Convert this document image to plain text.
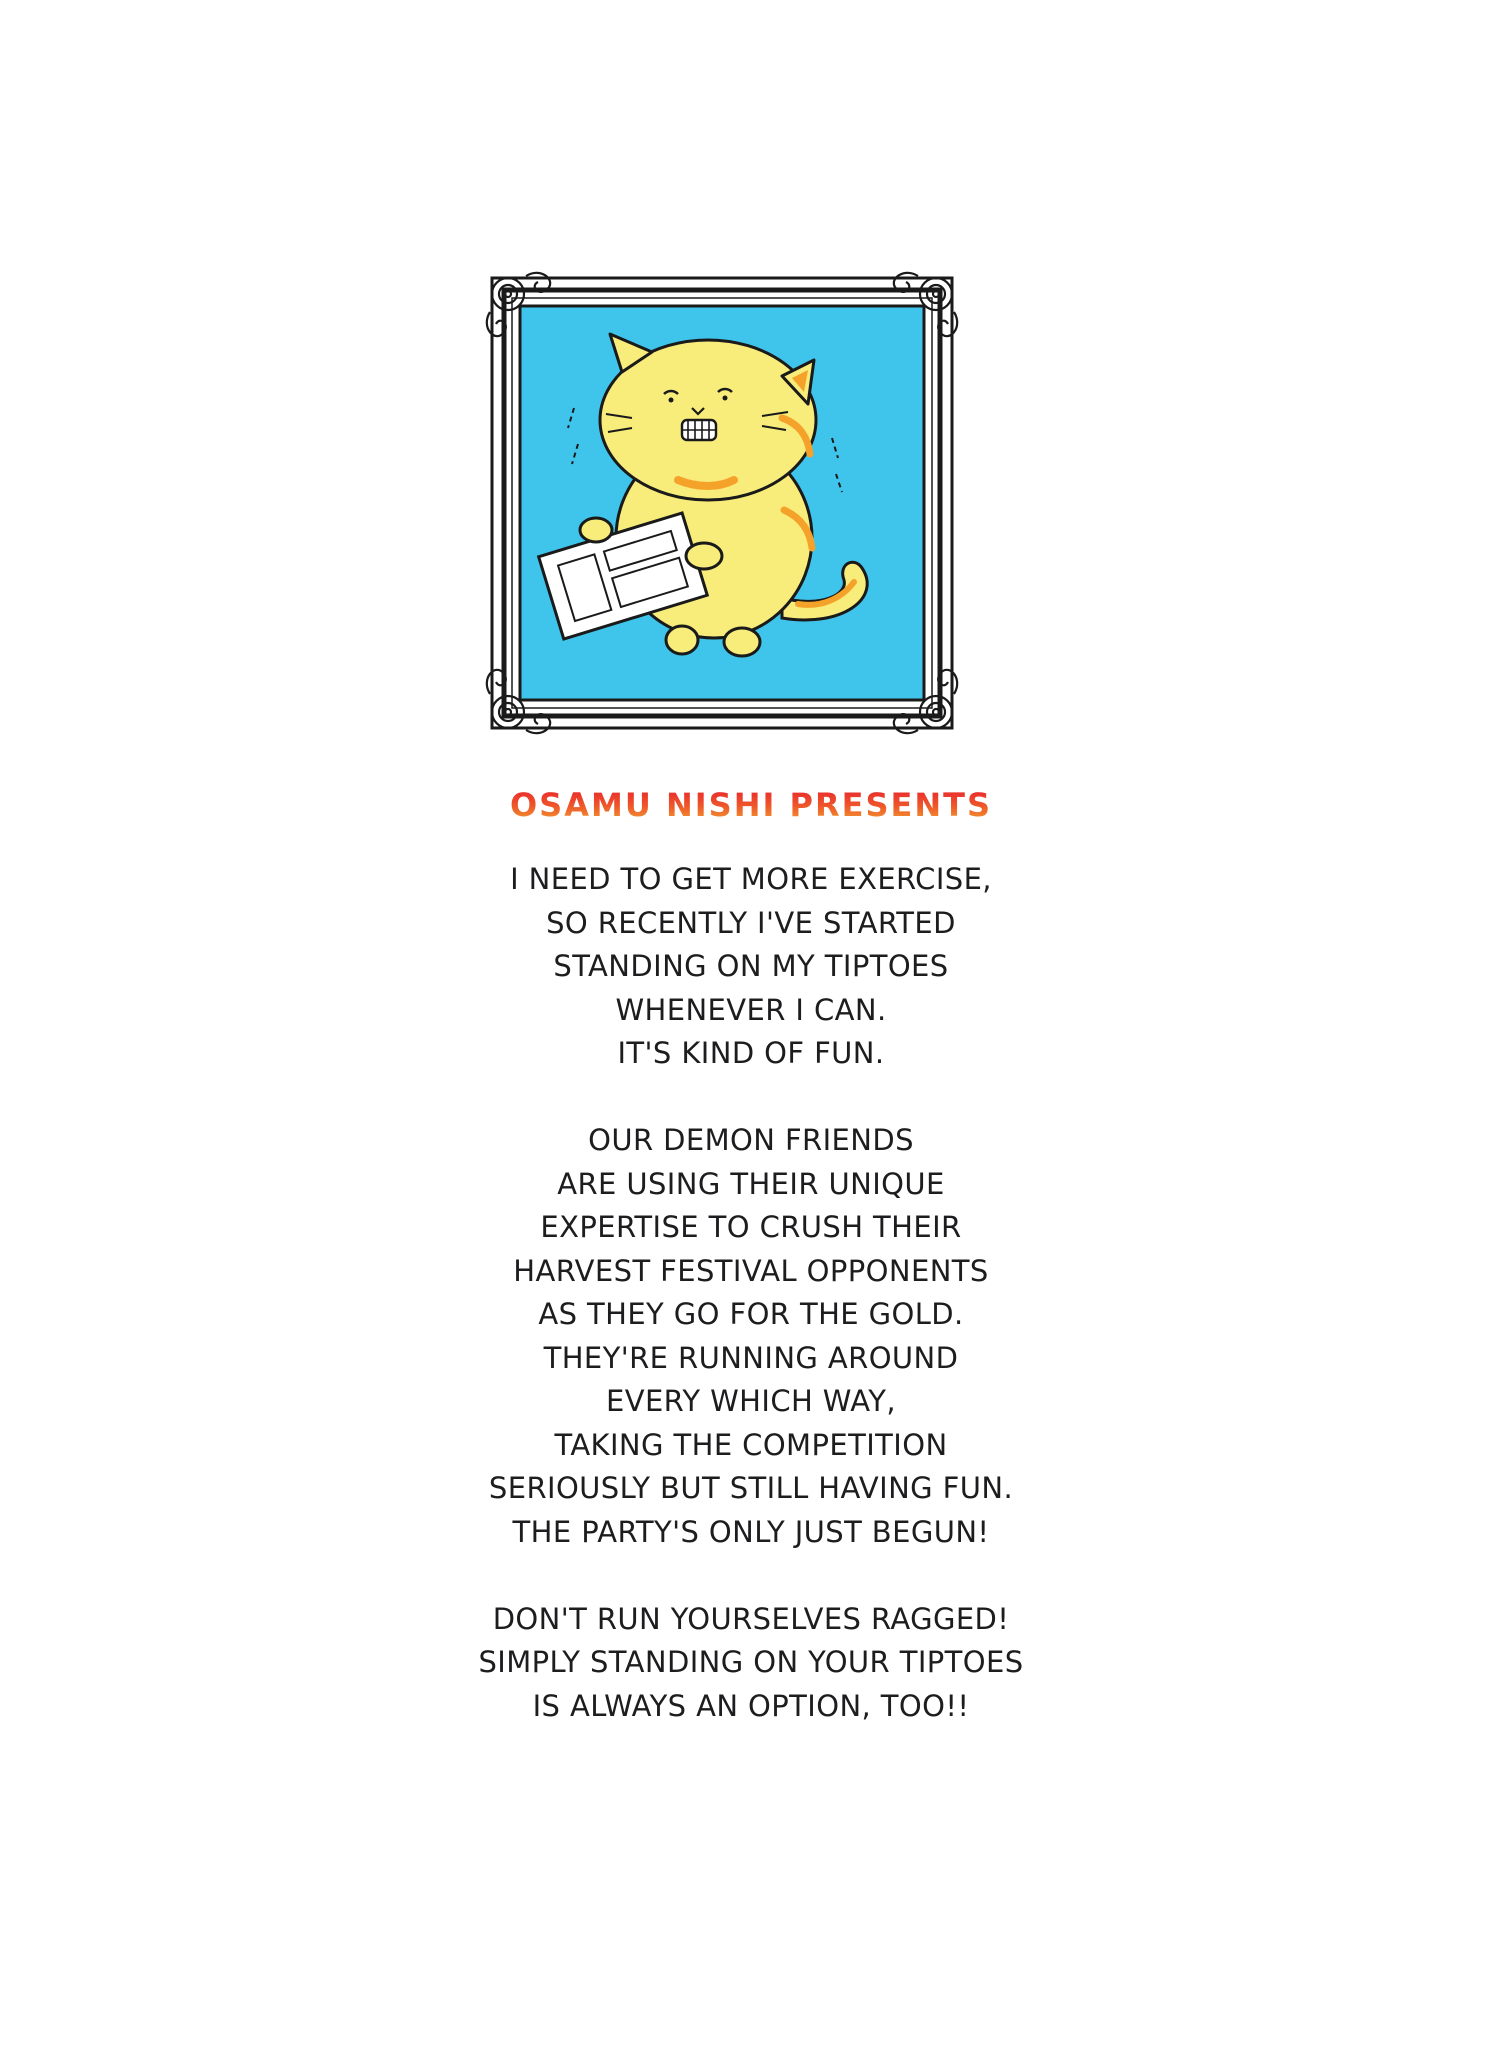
OSAMU NISHI PRESENTS
I NEED TO GET MORE EXERCISE,
SO RECENTLY I'VE STARTED
STANDING ON MY TIPTOES
WHENEVER I CAN.
IT'S KIND OF FUN.
OUR DEMON FRIENDS
ARE USING THEIR UNIQUE
EXPERTISE TO CRUSH THEIR
HARVEST FESTIVAL OPPONENTS
AS THEY GO FOR THE GOLD.
THEY'RE RUNNING AROUND
EVERY WHICH WAY,
TAKING THE COMPETITION
SERIOUSLY BUT STILL HAVING FUN.
THE PARTY'S ONLY JUST BEGUN!
DON'T RUN YOURSELVES RAGGED!
SIMPLY STANDING ON YOUR TIPTOES
IS ALWAYS AN OPTION, TOO!!
